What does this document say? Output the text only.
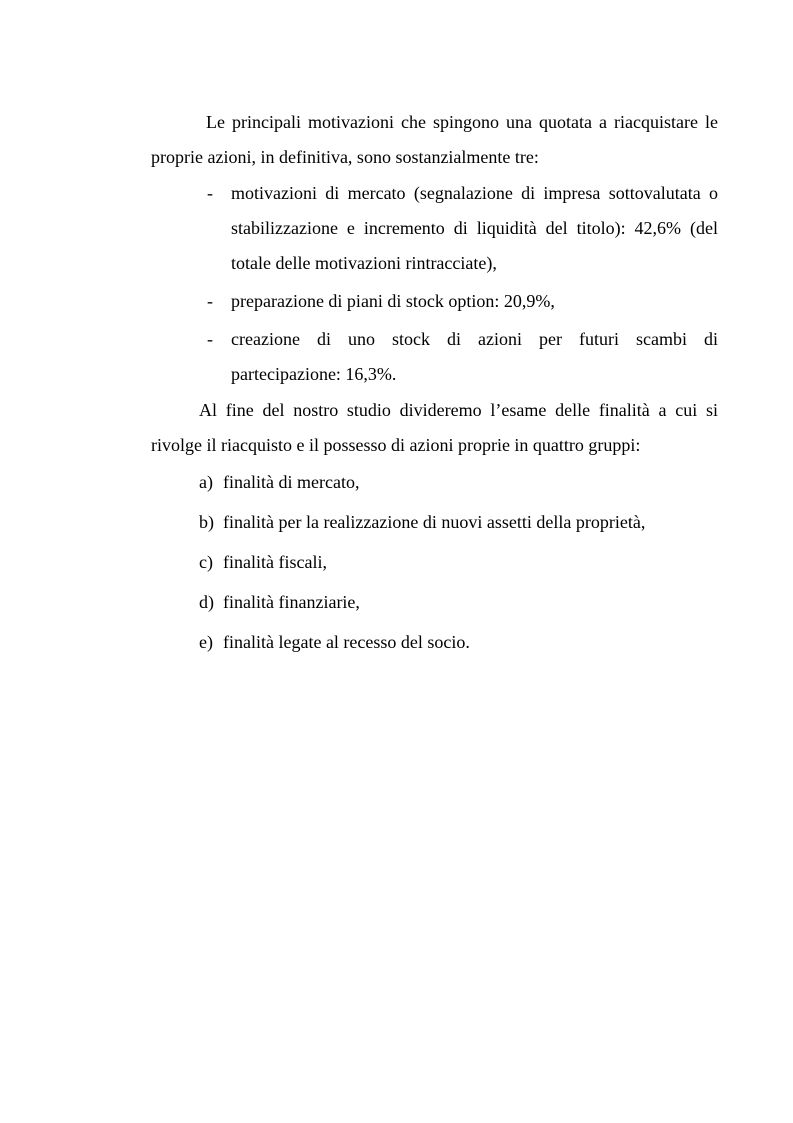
Le principali motivazioni che spingono una quotata a riacquistare le proprie azioni, in definitiva, sono sostanzialmente tre:

- motivazioni di mercato (segnalazione di impresa sottovalutata o stabilizzazione e incremento di liquidità del titolo): 42,6% (del totale delle motivazioni rintracciate),
- preparazione di piani di stock option: 20,9%,
- creazione di uno stock di azioni per futuri scambi di partecipazione: 16,3%.

Al fine del nostro studio divideremo l’esame delle finalità a cui si rivolge il riacquisto e il possesso di azioni proprie in quattro gruppi:

a) finalità di mercato,
b) finalità per la realizzazione di nuovi assetti della proprietà,
c) finalità fiscali,
d) finalità finanziarie,
e) finalità legate al recesso del socio.
